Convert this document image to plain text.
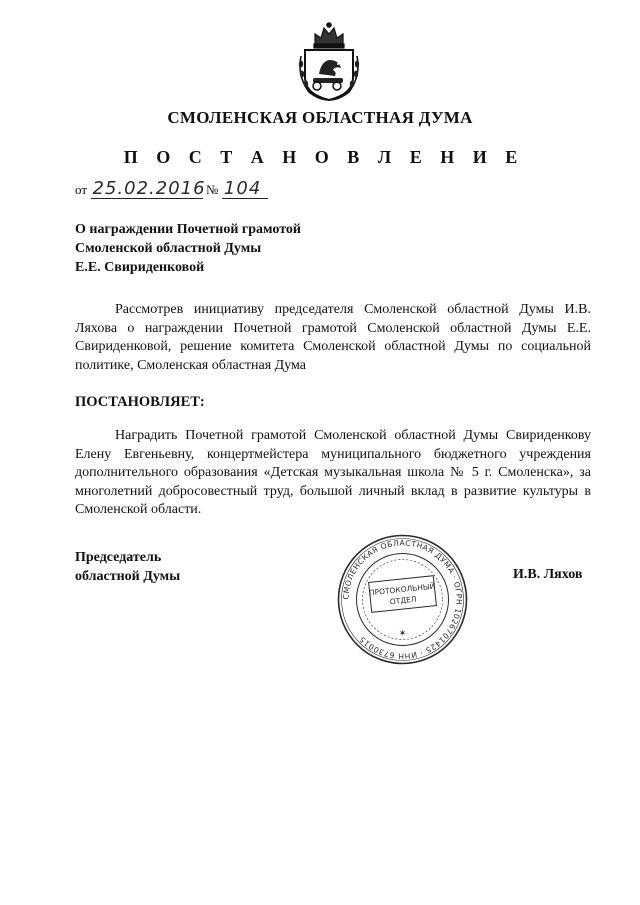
СМОЛЕНСКАЯ ОБЛАСТНАЯ ДУМА
П О С Т А Н О В Л Е Н И Е
от 25.02.2016 № 104
О награждении Почетной грамотой
Смоленской областной Думы
Е.Е. Свириденковой
Рассмотрев инициативу председателя Смоленской областной Думы И.В. Ляхова о награждении Почетной грамотой Смоленской областной Думы Е.Е. Свириденковой, решение комитета Смоленской областной Думы по социальной политике, Смоленская областная Дума
ПОСТАНОВЛЯЕТ:
Наградить Почетной грамотой Смоленской областной Думы Свириденкову Елену Евгеньевну, концертмейстера муниципального бюджетного учреждения дополнительного образования «Детская музыкальная школа № 5 г. Смоленска», за многолетний добросовестный труд, большой личный вклад в развитие культуры в Смоленской области.
Председатель
областной Думы
СМОЛЕНСКАЯ ОБЛАСТНАЯ ДУМА · ОГРН 1026701425 · ИНН 6730015
ПРОТОКОЛЬНЫЙ
ОТДЕЛ
✶
И.В. Ляхов
